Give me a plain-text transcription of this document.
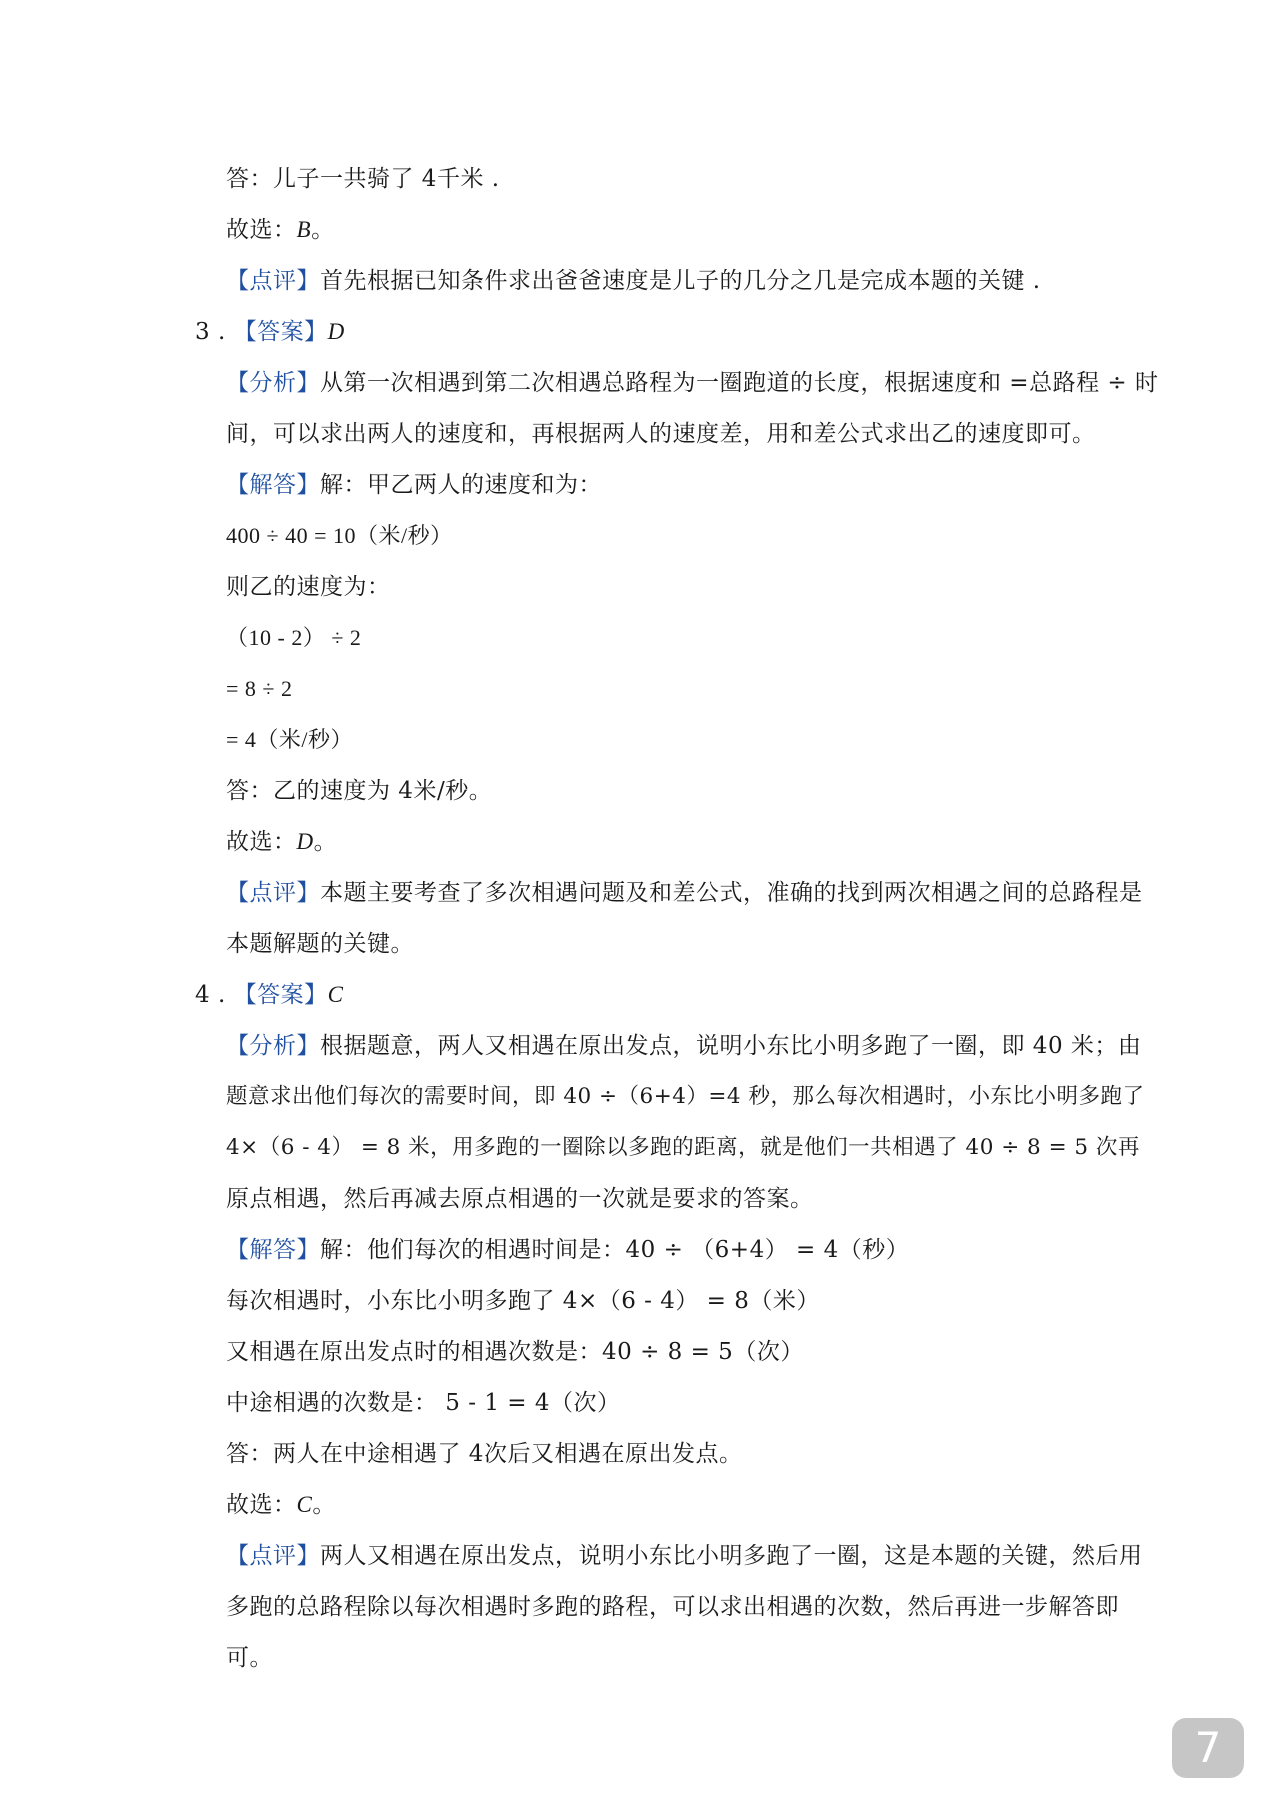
答：儿子一共骑了 4千米 .
故选：B。
【点评】首先根据已知条件求出爸爸速度是儿子的几分之几是完成本题的关键 .
3 . 【答案】D
【分析】从第一次相遇到第二次相遇总路程为一圈跑道的长度，根据速度和 =总路程 ÷ 时
间，可以求出两人的速度和，再根据两人的速度差，用和差公式求出乙的速度即可。
【解答】解：甲乙两人的速度和为：
400 ÷ 40 = 10（米/秒）
则乙的速度为：
（10 - 2） ÷ 2
= 8 ÷ 2
= 4（米/秒）
答：乙的速度为 4米/秒。
故选：D。
【点评】本题主要考查了多次相遇问题及和差公式，准确的找到两次相遇之间的总路程是
本题解题的关键。
4 . 【答案】C
【分析】根据题意，两人又相遇在原出发点，说明小东比小明多跑了一圈，即 40 米；由
题意求出他们每次的需要时间，即 40 ÷（6+4）=4 秒，那么每次相遇时，小东比小明多跑了
4×（6 - 4） = 8 米，用多跑的一圈除以多跑的距离，就是他们一共相遇了 40 ÷ 8 = 5 次再
原点相遇，然后再减去原点相遇的一次就是要求的答案。
【解答】解：他们每次的相遇时间是：40 ÷ （6+4） = 4（秒）
每次相遇时，小东比小明多跑了 4×（6 - 4） = 8（米）
又相遇在原出发点时的相遇次数是：40 ÷ 8 = 5（次）
中途相遇的次数是： 5 - 1 = 4（次）
答：两人在中途相遇了 4次后又相遇在原出发点。
故选：C。
【点评】两人又相遇在原出发点，说明小东比小明多跑了一圈，这是本题的关键，然后用
多跑的总路程除以每次相遇时多跑的路程，可以求出相遇的次数，然后再进一步解答即
可。
7
